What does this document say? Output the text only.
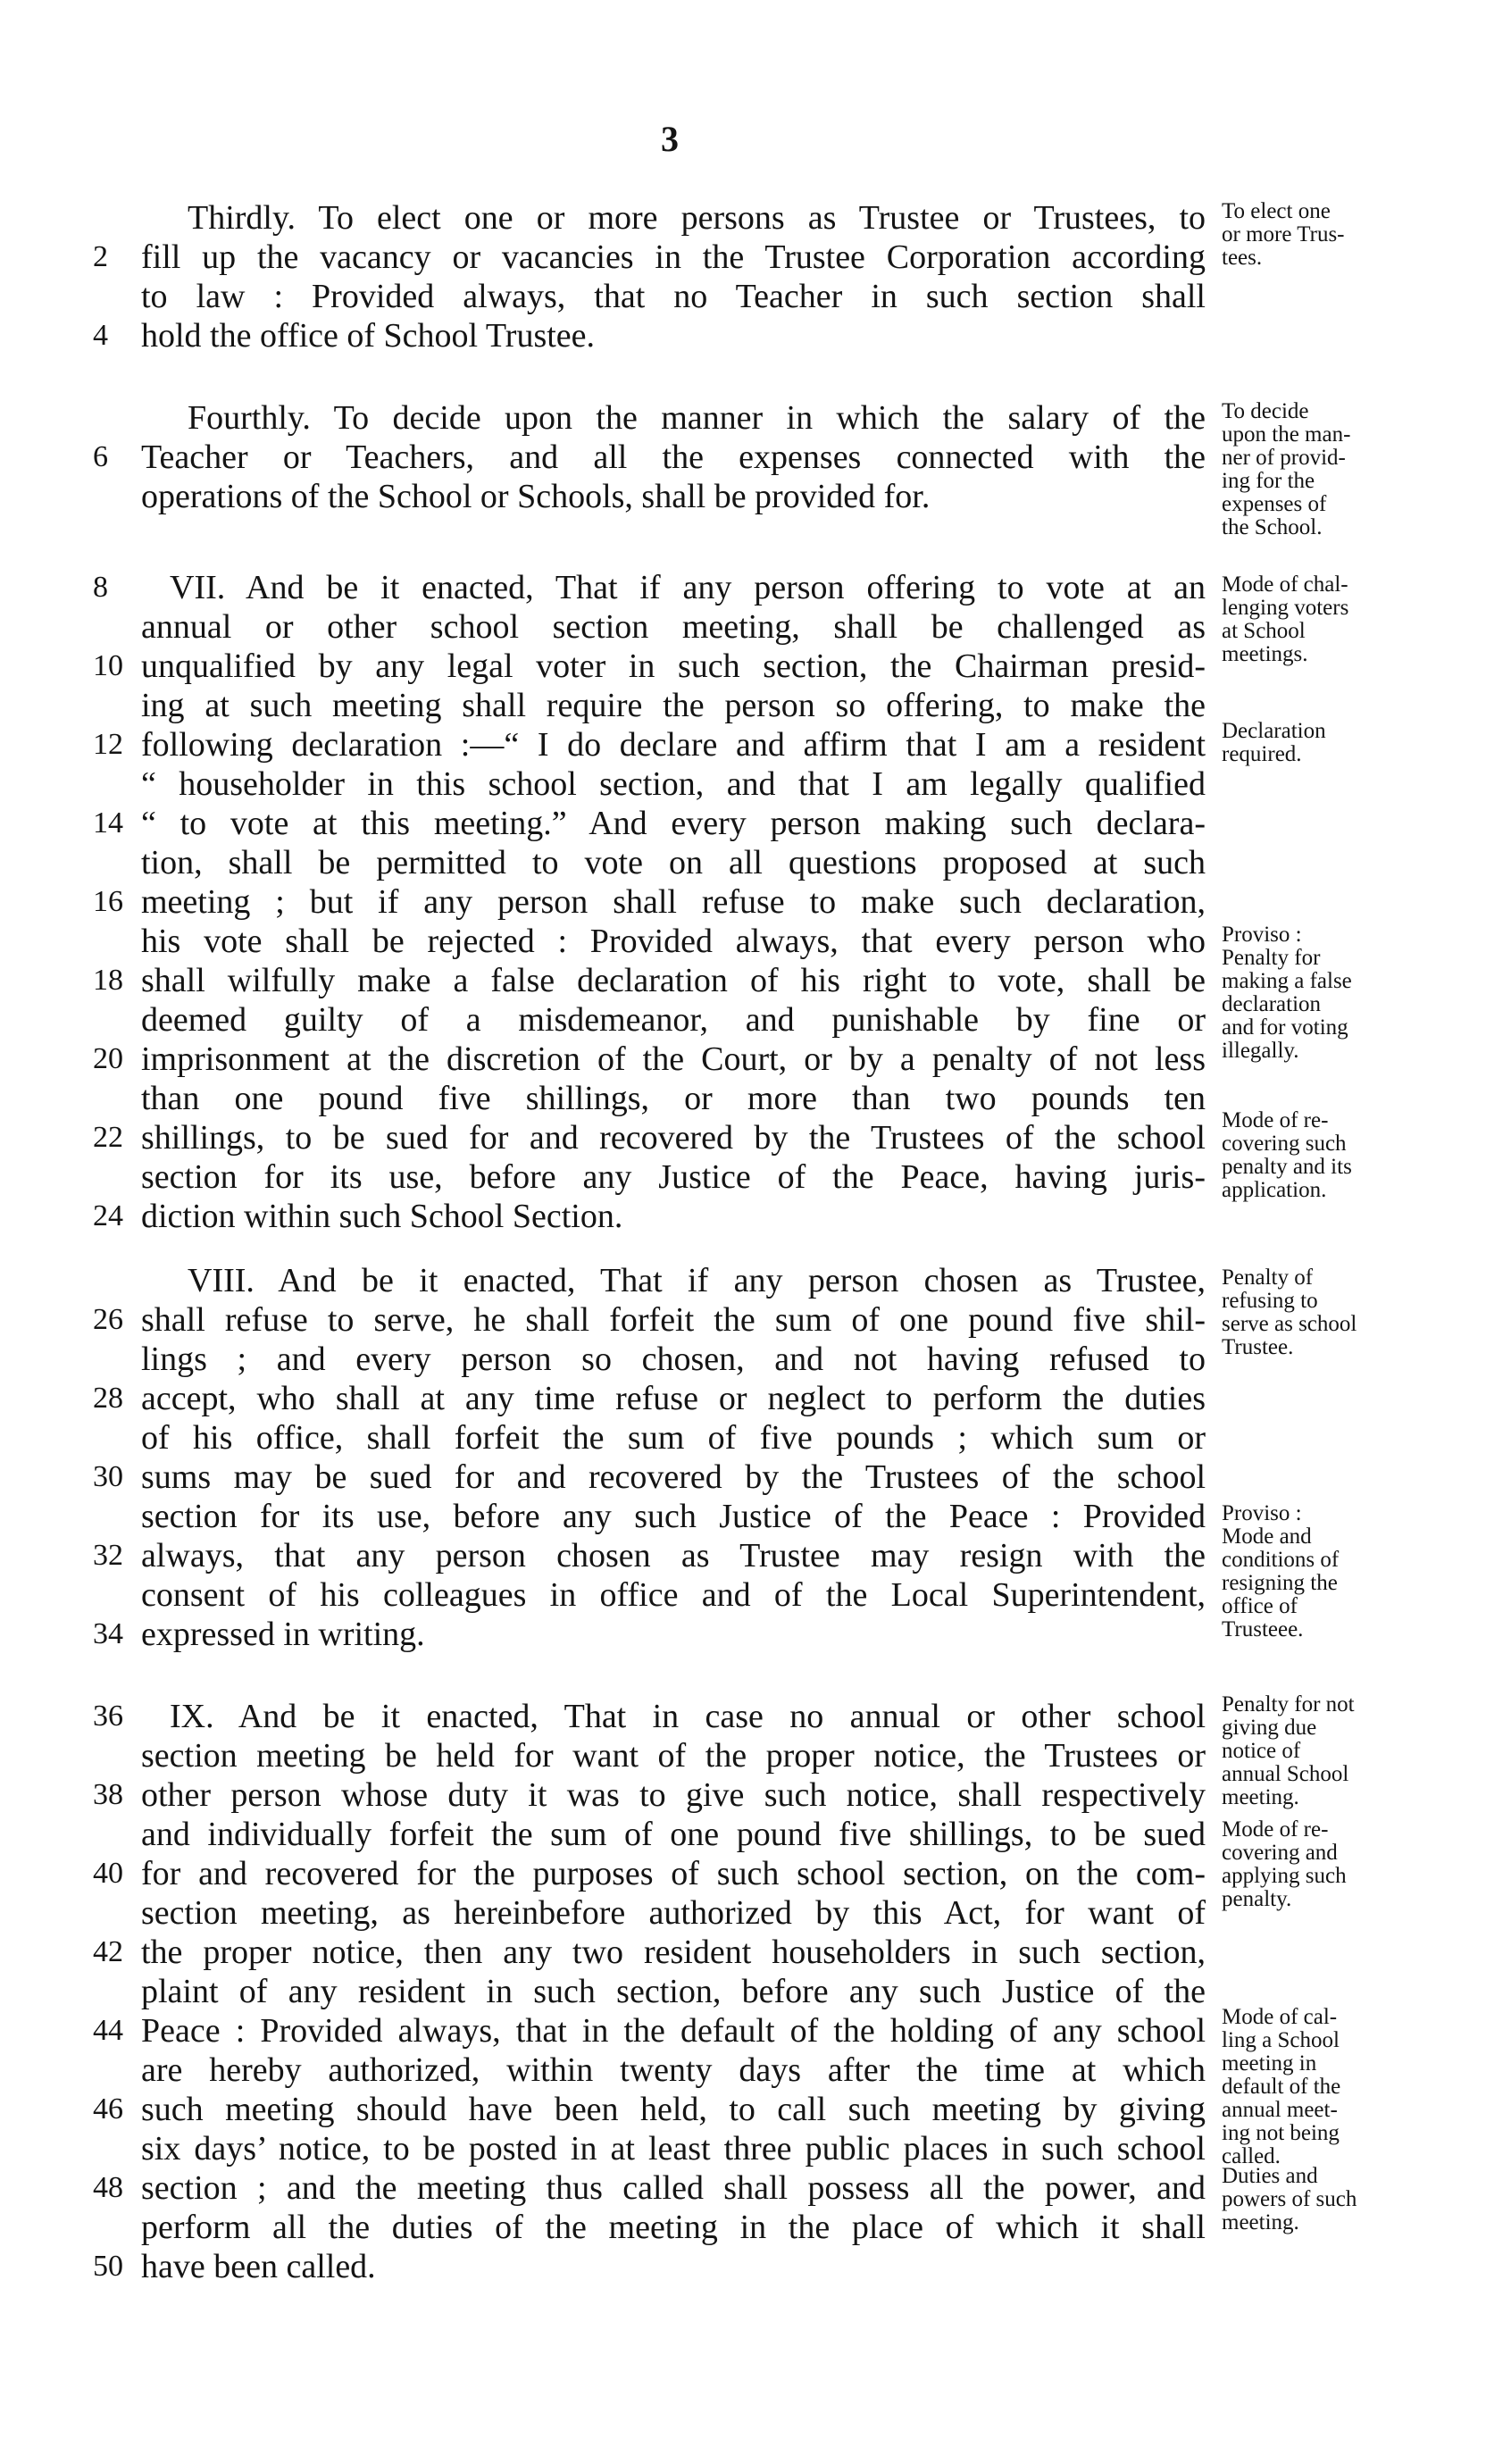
3
Thirdly. To elect one or more persons as Trustee or Trustees, to
2 fill up the vacancy or vacancies in the Trustee Corporation according
to law : Provided always, that no Teacher in such section shall
4 hold the office of School Trustee.
Fourthly. To decide upon the manner in which the salary of the
6 Teacher or Teachers, and all the expenses connected with the
operations of the School or Schools, shall be provided for.
8	VII. And be it enacted, That if any person offering to vote at an
annual or other school section meeting, shall be challenged as
10 unqualified by any legal voter in such section, the Chairman presid-
ing at such meeting shall require the person so offering, to make the
12 following declaration :—“ I do declare and affirm that I am a resident
“ householder in this school section, and that I am legally qualified
14 “ to vote at this meeting.” And every person making such declara-
tion, shall be permitted to vote on all questions proposed at such
16 meeting ; but if any person shall refuse to make such declaration,
his vote shall be rejected : Provided always, that every person who
18 shall wilfully make a false declaration of his right to vote, shall be
deemed guilty of a misdemeanor, and punishable by fine or
20 imprisonment at the discretion of the Court, or by a penalty of not less
than one pound five shillings, or more than two pounds ten
22 shillings, to be sued for and recovered by the Trustees of the school
section for its use, before any Justice of the Peace, having juris-
24 diction within such School Section.
VIII. And be it enacted, That if any person chosen as Trustee,
26 shall refuse to serve, he shall forfeit the sum of one pound five shil-
lings ; and every person so chosen, and not having refused to
28 accept, who shall at any time refuse or neglect to perform the duties
of his office, shall forfeit the sum of five pounds ; which sum or
30 sums may be sued for and recovered by the Trustees of the school
section for its use, before any such Justice of the Peace : Provided
32 always, that any person chosen as Trustee may resign with the
consent of his colleagues in office and of the Local Superintendent,
34 expressed in writing.
36	IX. And be it enacted, That in case no annual or other school
section meeting be held for want of the proper notice, the Trustees or
38 other person whose duty it was to give such notice, shall respectively
and individually forfeit the sum of one pound five shillings, to be sued
40 for and recovered for the purposes of such school section, on the com-
section meeting, as hereinbefore authorized by this Act, for want of
42 the proper notice, then any two resident householders in such section,
plaint of any resident in such section, before any such Justice of the
44 Peace : Provided always, that in the default of the holding of any school
are hereby authorized, within twenty days after the time at which
46 such meeting should have been held, to call such meeting by giving
six days’ notice, to be posted in at least three public places in such school
48 section ; and the meeting thus called shall possess all the power, and
perform all the duties of the meeting in the place of which it shall
50 have been called.
To elect one
or more Trus-
tees.
To decide
upon the man-
ner of provid-
ing for the
expenses of
the School.
Mode of chal-
lenging voters
at School
meetings.
Declaration
required.
Proviso :
Penalty for
making a false
declaration
and for voting
illegally.
Mode of re-
covering such
penalty and its
application.
Penalty of
refusing to
serve as school
Trustee.
Proviso :
Mode and
conditions of
resigning the
office of
Trusteee.
Penalty for not
giving due
notice of
annual School
meeting.
Mode of re-
covering and
applying such
penalty.
Mode of cal-
ling a School
meeting in
default of the
annual meet-
ing not being
called.
Duties and
powers of such
meeting.
